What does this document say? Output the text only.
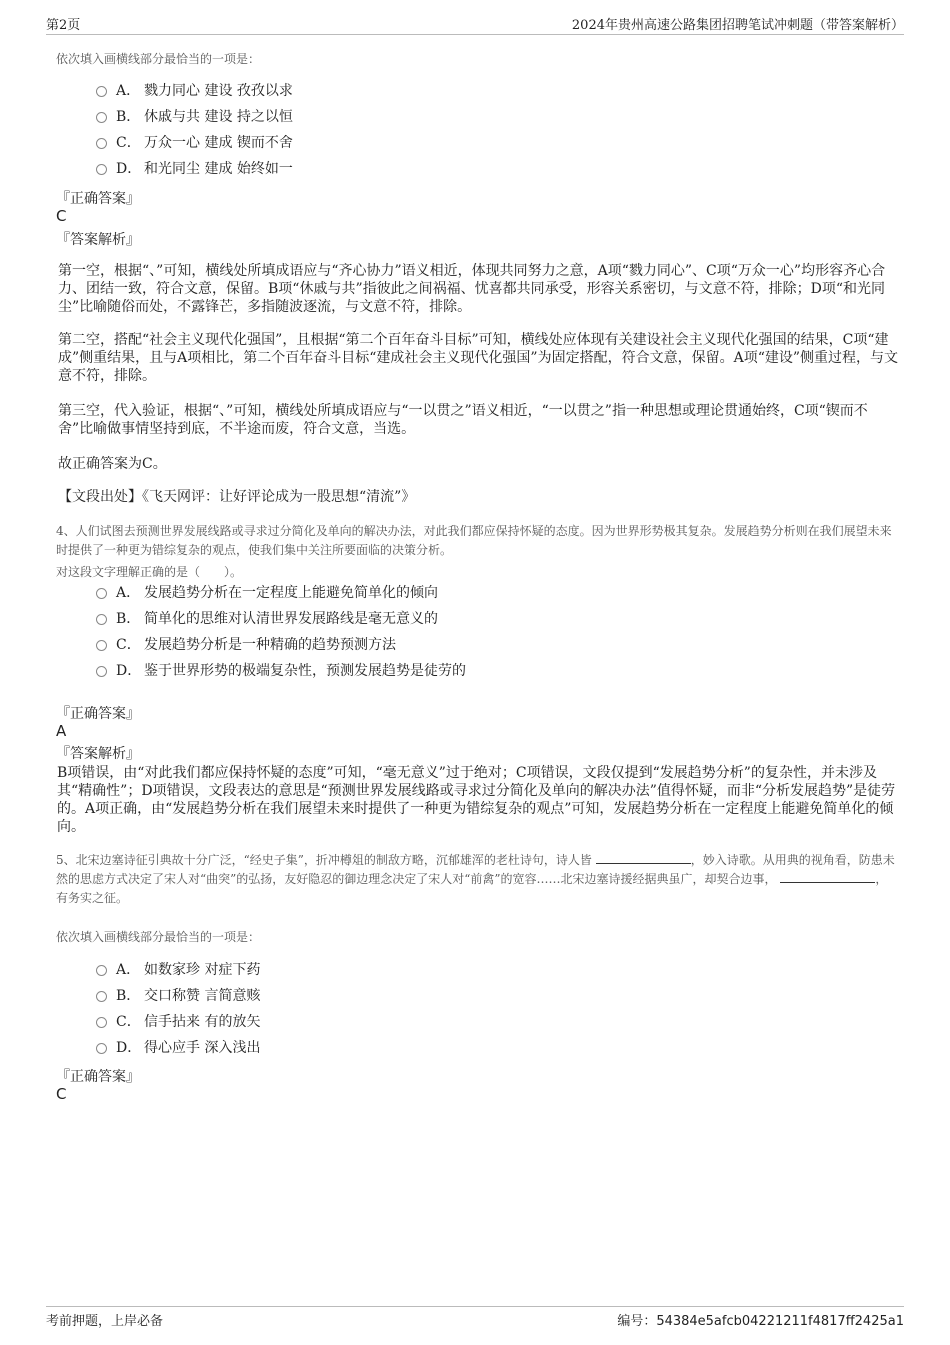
第2页	2024年贵州高速公路集团招聘笔试冲刺题（带答案解析）
依次填入画横线部分最恰当的一项是：
A． 戮力同心 建设 孜孜以求
B． 休戚与共 建设 持之以恒
C． 万众一心 建成 锲而不舍
D． 和光同尘 建成 始终如一
『正确答案』
C
『答案解析』
第一空，根据“、”可知，横线处所填成语应与“齐心协力”语义相近，体现共同努力之意，A项“戮力同心”、C项“万众一心”均形容齐心合力、团结一致，符合文意，保留。B项“休戚与共”指彼此之间祸福、忧喜都共同承受，形容关系密切，与文意不符，排除；D项“和光同尘”比喻随俗而处，不露锋芒，多指随波逐流，与文意不符，排除。
第二空，搭配“社会主义现代化强国”，且根据“第二个百年奋斗目标”可知，横线处应体现有关建设社会主义现代化强国的结果，C项“建成”侧重结果，且与A项相比，第二个百年奋斗目标“建成社会主义现代化强国”为固定搭配，符合文意，保留。A项“建设”侧重过程，与文意不符，排除。
第三空，代入验证，根据“、”可知，横线处所填成语应与“一以贯之”语义相近，“一以贯之”指一种思想或理论贯通始终，C项“锲而不舍”比喻做事情坚持到底，不半途而废，符合文意，当选。
故正确答案为C。
【文段出处】《飞天网评：让好评论成为一股思想“清流”》
4、人们试图去预测世界发展线路或寻求过分简化及单向的解决办法，对此我们都应保持怀疑的态度。因为世界形势极其复杂。发展趋势分析则在我们展望未来时提供了一种更为错综复杂的观点，使我们集中关注所要面临的决策分析。
对这段文字理解正确的是（　　）。
A． 发展趋势分析在一定程度上能避免简单化的倾向
B． 简单化的思维对认清世界发展路线是毫无意义的
C． 发展趋势分析是一种精确的趋势预测方法
D． 鉴于世界形势的极端复杂性，预测发展趋势是徒劳的
『正确答案』
A
『答案解析』
B项错误，由“对此我们都应保持怀疑的态度”可知，“毫无意义”过于绝对；C项错误，文段仅提到“发展趋势分析”的复杂性，并未涉及其“精确性”；D项错误，文段表达的意思是“预测世界发展线路或寻求过分简化及单向的解决办法”值得怀疑，而非“分析发展趋势”是徒劳的。A项正确，由“发展趋势分析在我们展望未来时提供了一种更为错综复杂的观点”可知，发展趋势分析在一定程度上能避免简单化的倾向。
5、北宋边塞诗征引典故十分广泛，“经史子集”，折冲樽俎的制敌方略，沉郁雄浑的老杜诗句，诗人皆	，妙入诗歌。从用典的视角看，防患未然的思虑方式决定了宋人对“曲突”的弘扬，友好隐忍的御边理念决定了宋人对“前禽”的宽容……北宋边塞诗援经据典虽广，却契合边事，	，有务实之征。
依次填入画横线部分最恰当的一项是：
A． 如数家珍 对症下药
B． 交口称赞 言简意赅
C． 信手拈来 有的放矢
D． 得心应手 深入浅出
『正确答案』
C
考前押题，上岸必备	编号：54384e5afcb04221211f4817ff2425a1
